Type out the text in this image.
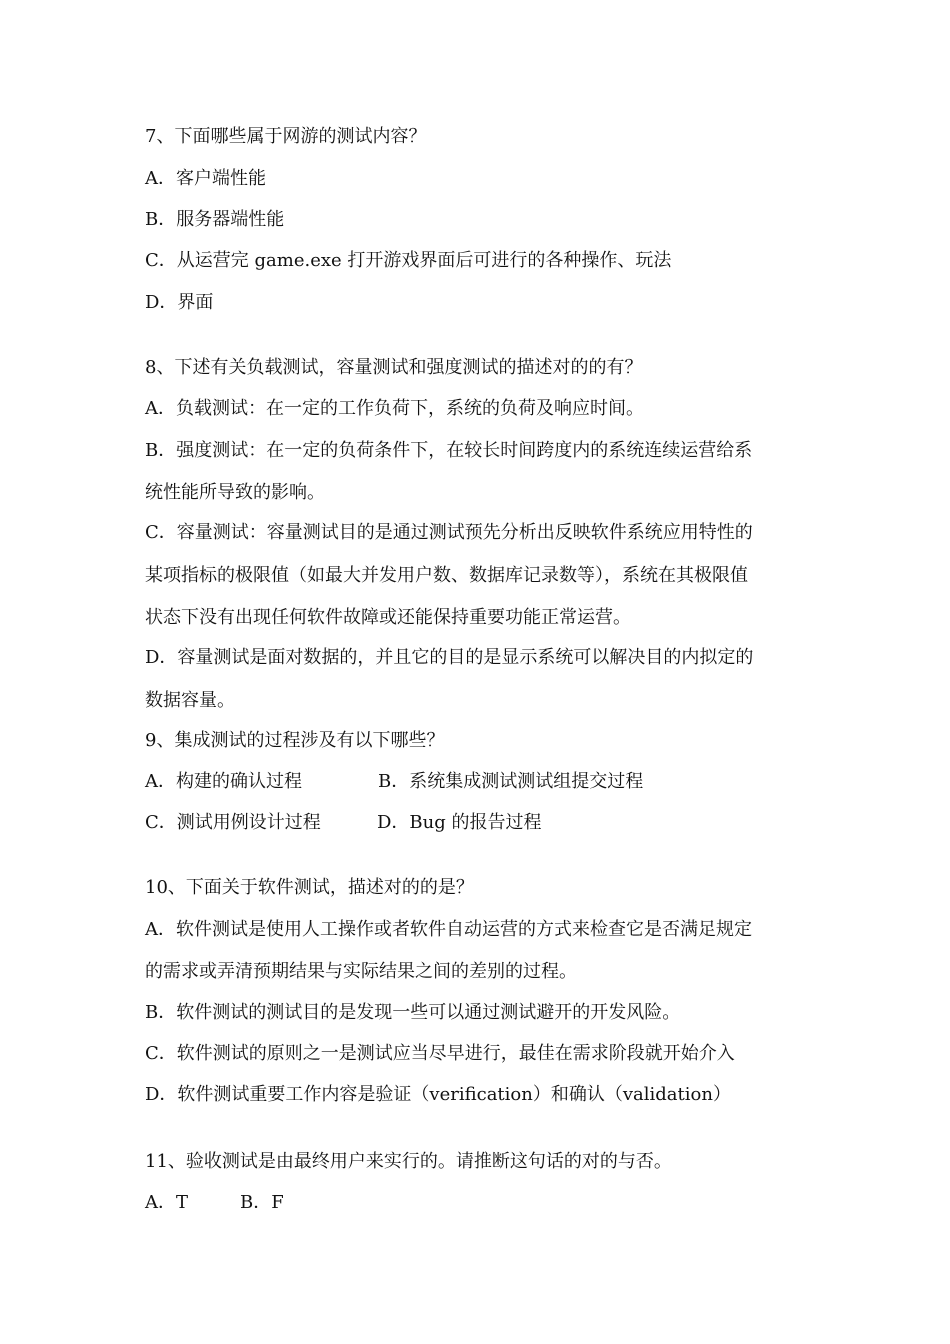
7、下面哪些属于网游的测试内容？
A．客户端性能
B．服务器端性能
C．从运营完 game.exe 打开游戏界面后可进行的各种操作、玩法
D．界面
8、下述有关负载测试，容量测试和强度测试的描述对的的有？
A．负载测试：在一定的工作负荷下，系统的负荷及响应时间。
B．强度测试：在一定的负荷条件下，在较长时间跨度内的系统连续运营给系
统性能所导致的影响。
C．容量测试：容量测试目的是通过测试预先分析出反映软件系统应用特性的
某项指标的极限值（如最大并发用户数、数据库记录数等），系统在其极限值
状态下没有出现任何软件故障或还能保持重要功能正常运营。
D．容量测试是面对数据的，并且它的目的是显示系统可以解决目的内拟定的
数据容量。
9、集成测试的过程涉及有以下哪些？
A．构建的确认过程	B．系统集成测试测试组提交过程
C．测试用例设计过程	D．Bug 的报告过程
10、下面关于软件测试，描述对的的是？
A．软件测试是使用人工操作或者软件自动运营的方式来检查它是否满足规定
的需求或弄清预期结果与实际结果之间的差别的过程。
B．软件测试的测试目的是发现一些可以通过测试避开的开发风险。
C．软件测试的原则之一是测试应当尽早进行，最佳在需求阶段就开始介入
D．软件测试重要工作内容是验证（verification）和确认（validation）
11、验收测试是由最终用户来实行的。请推断这句话的对的与否。
A．T	B．F
